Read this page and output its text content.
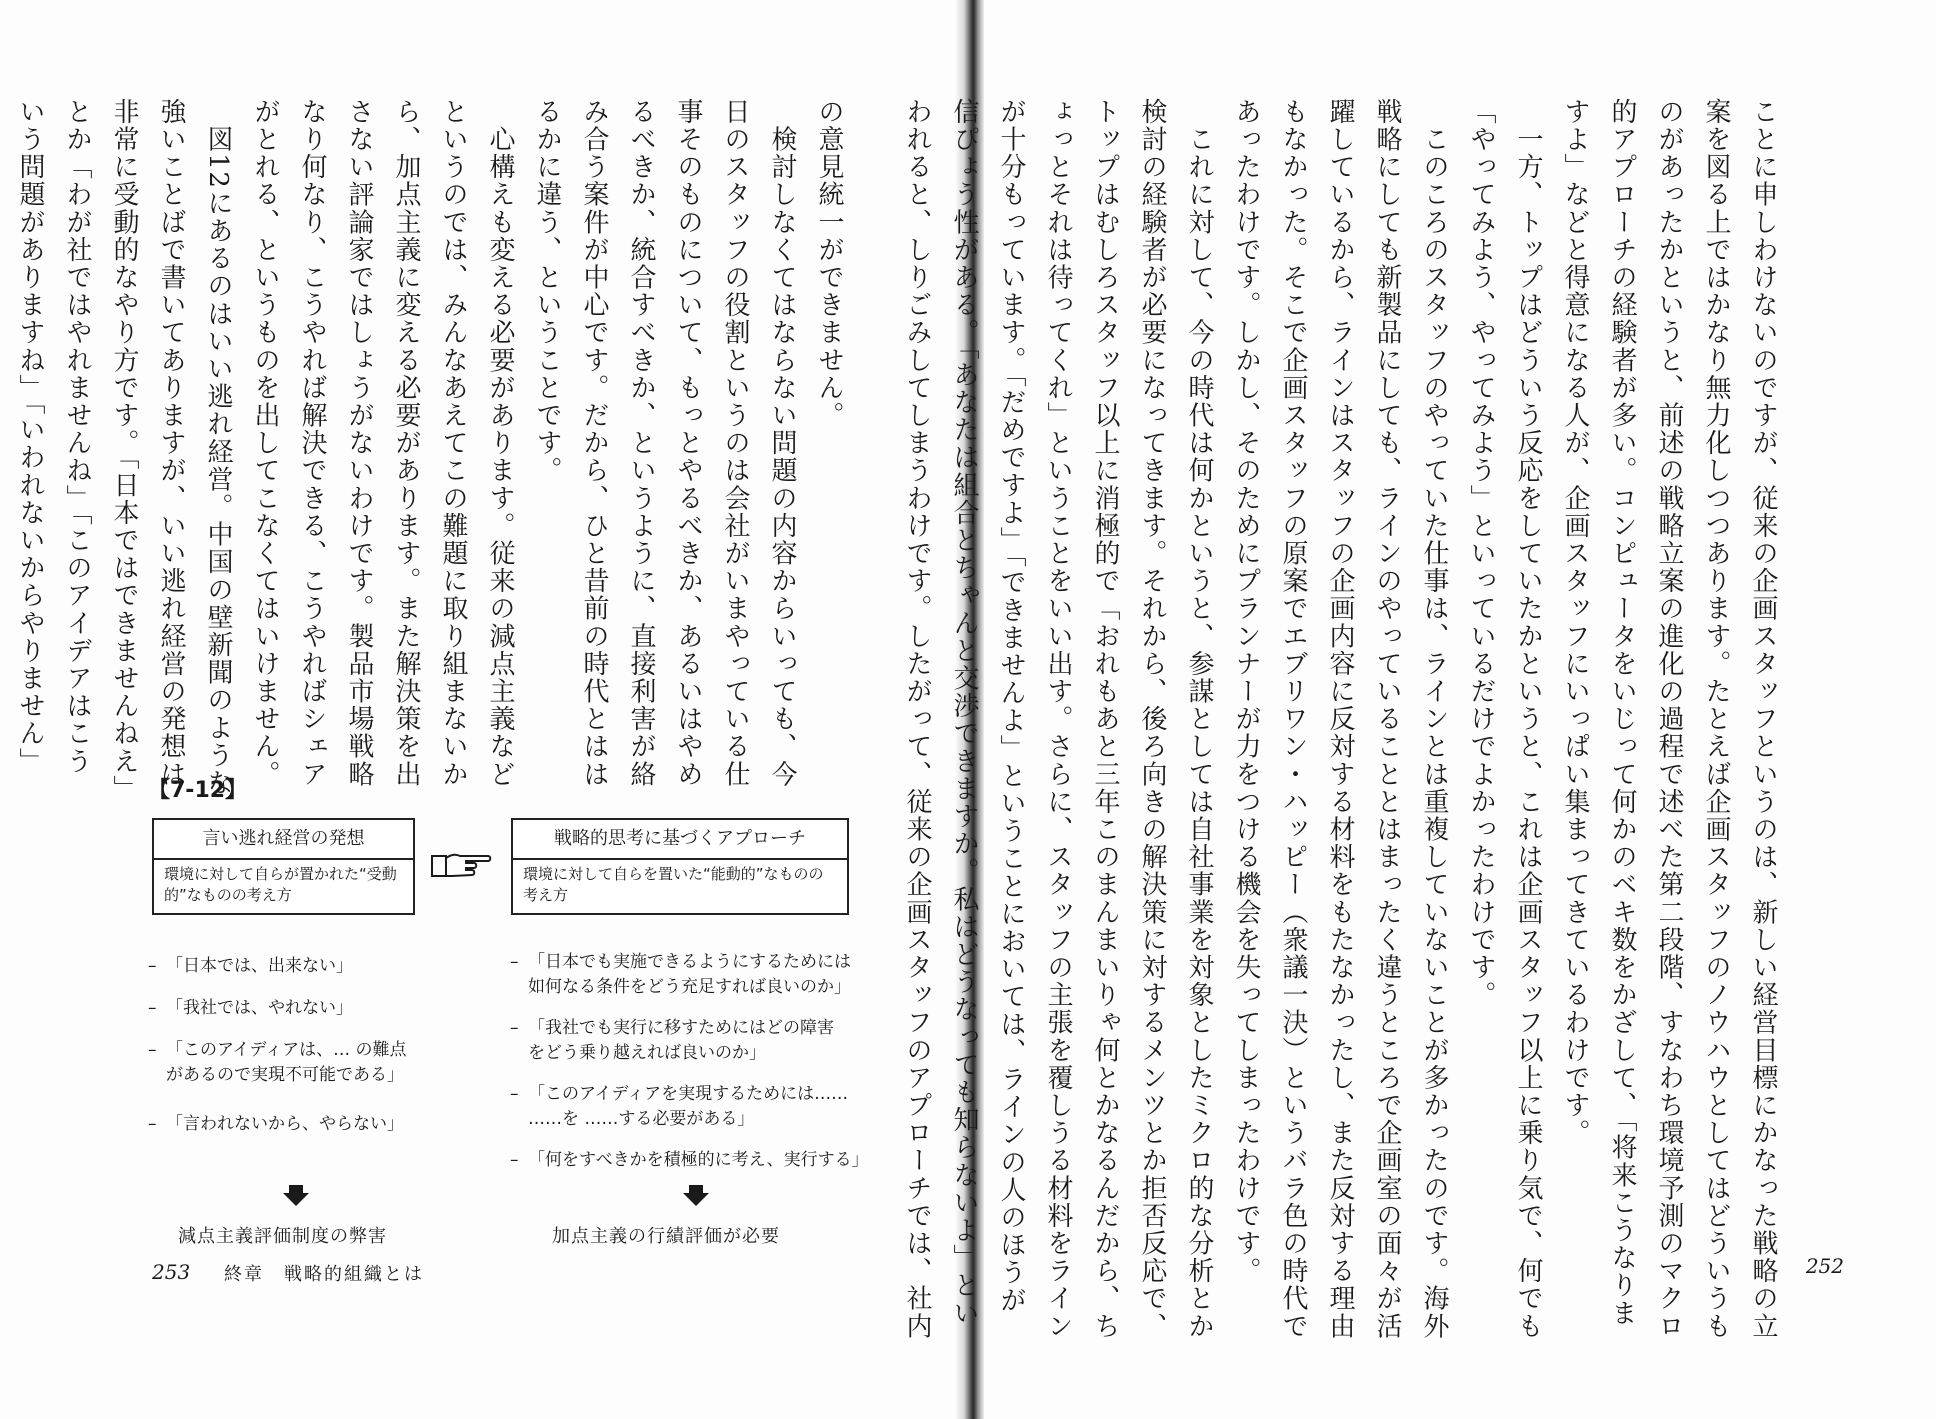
の意見統一ができません。
　検討しなくてはならない問題の内容からいっても、今
日のスタッフの役割というのは会社がいまやっている仕
事そのものについて、もっとやるべきか、あるいはやめ
るべきか、統合すべきか、というように、直接利害が絡
み合う案件が中心です。だから、ひと昔前の時代とはは
るかに違う、ということです。
　心構えも変える必要があります。従来の減点主義など
というのでは、みんなあえてこの難題に取り組まないか
ら、加点主義に変える必要があります。また解決策を出
さない評論家ではしょうがないわけです。製品市場戦略
なり何なり、こうやれば解決できる、こうやればシェア
がとれる、というものを出してこなくてはいけません。
　図12にあるのはいい逃れ経営。中国の壁新聞のような
強いことばで書いてありますが、いい逃れ経営の発想は
非常に受動的なやり方です。「日本ではできませんねえ」
とか「わが社ではやれませんね」「このアイデアはこう
いう問題がありますね」「いわれないからやりません」
【7-12】
言い逃れ経営の発想
環境に対して自らが置かれた“受動的”なものの考え方
戦略的思考に基づくアプローチ
環境に対して自らを置いた“能動的”なものの考え方
– 「日本では、出来ない」
– 「我社では、やれない」
– 「このアイディアは、… の難点
があるので実現不可能である」
– 「言われないから、やらない」
– 「日本でも実施できるようにするためには
如何なる条件をどう充足すれば良いのか」
– 「我社でも実行に移すためにはどの障害
をどう乗り越えれば良いのか」
– 「このアイディアを実現するためには……
……を ……する必要がある」
– 「何をすべきかを積極的に考え、実行する」
減点主義評価制度の弊害	加点主義の行績評価が必要
253 終章　戦略的組織とは	ことに申しわけないのですが、従来の企画スタッフというのは、新しい経営目標にかなった戦略の立
案を図る上ではかなり無力化しつつあります。たとえば企画スタッフのノウハウとしてはどういうも
のがあったかというと、前述の戦略立案の進化の過程で述べた第二段階、すなわち環境予測のマクロ
的アプローチの経験者が多い。コンピュータをいじって何かのベキ数をかざして、「将来こうなりま
すよ」などと得意になる人が、企画スタッフにいっぱい集まってきているわけです。
　一方、トップはどういう反応をしていたかというと、これは企画スタッフ以上に乗り気で、何でも
「やってみよう、やってみよう」といっているだけでよかったわけです。
　このころのスタッフのやっていた仕事は、ラインとは重複していないことが多かったのです。海外
戦略にしても新製品にしても、ラインのやっていることとはまったく違うところで企画室の面々が活
躍しているから、ラインはスタッフの企画内容に反対する材料をもたなかったし、また反対する理由
もなかった。そこで企画スタッフの原案でエブリワン・ハッピー（衆議一決）というバラ色の時代で
あったわけです。しかし、そのためにプランナーが力をつける機会を失ってしまったわけです。
　これに対して、今の時代は何かというと、参謀としては自社事業を対象としたミクロ的な分析とか
検討の経験者が必要になってきます。それから、後ろ向きの解決策に対するメンツとか拒否反応で、
トップはむしろスタッフ以上に消極的で「おれもあと三年このまんまいりゃ何とかなるんだから、ち
ょっとそれは待ってくれ」ということをいい出す。さらに、スタッフの主張を覆しうる材料をライン
が十分もっています。「だめですよ」「できませんよ」ということにおいては、ラインの人のほうが
信ぴょう性がある。「あなたは組合とちゃんと交渉できますか。私はどうなっても知らないよ」とい
われると、しりごみしてしまうわけです。したがって、従来の企画スタッフのアプローチでは、社内	252
